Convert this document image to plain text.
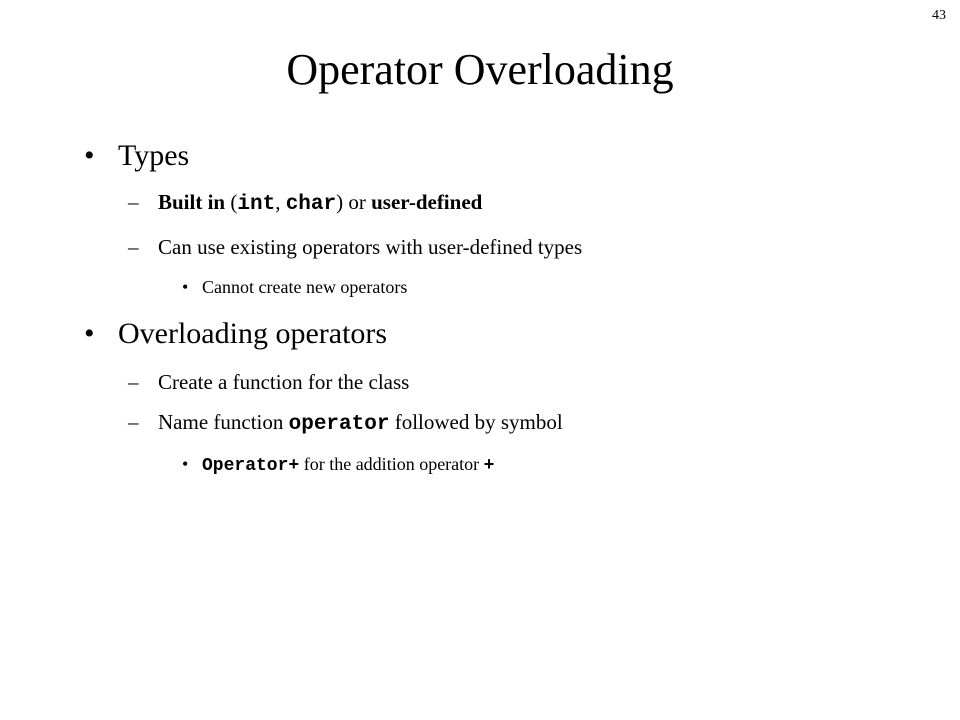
43
Operator Overloading
• Types
– Built in (int, char) or user-defined
– Can use existing operators with user-defined types
• Cannot create new operators
• Overloading operators
– Create a function for the class
– Name function operator followed by symbol
• Operator+ for the addition operator +
